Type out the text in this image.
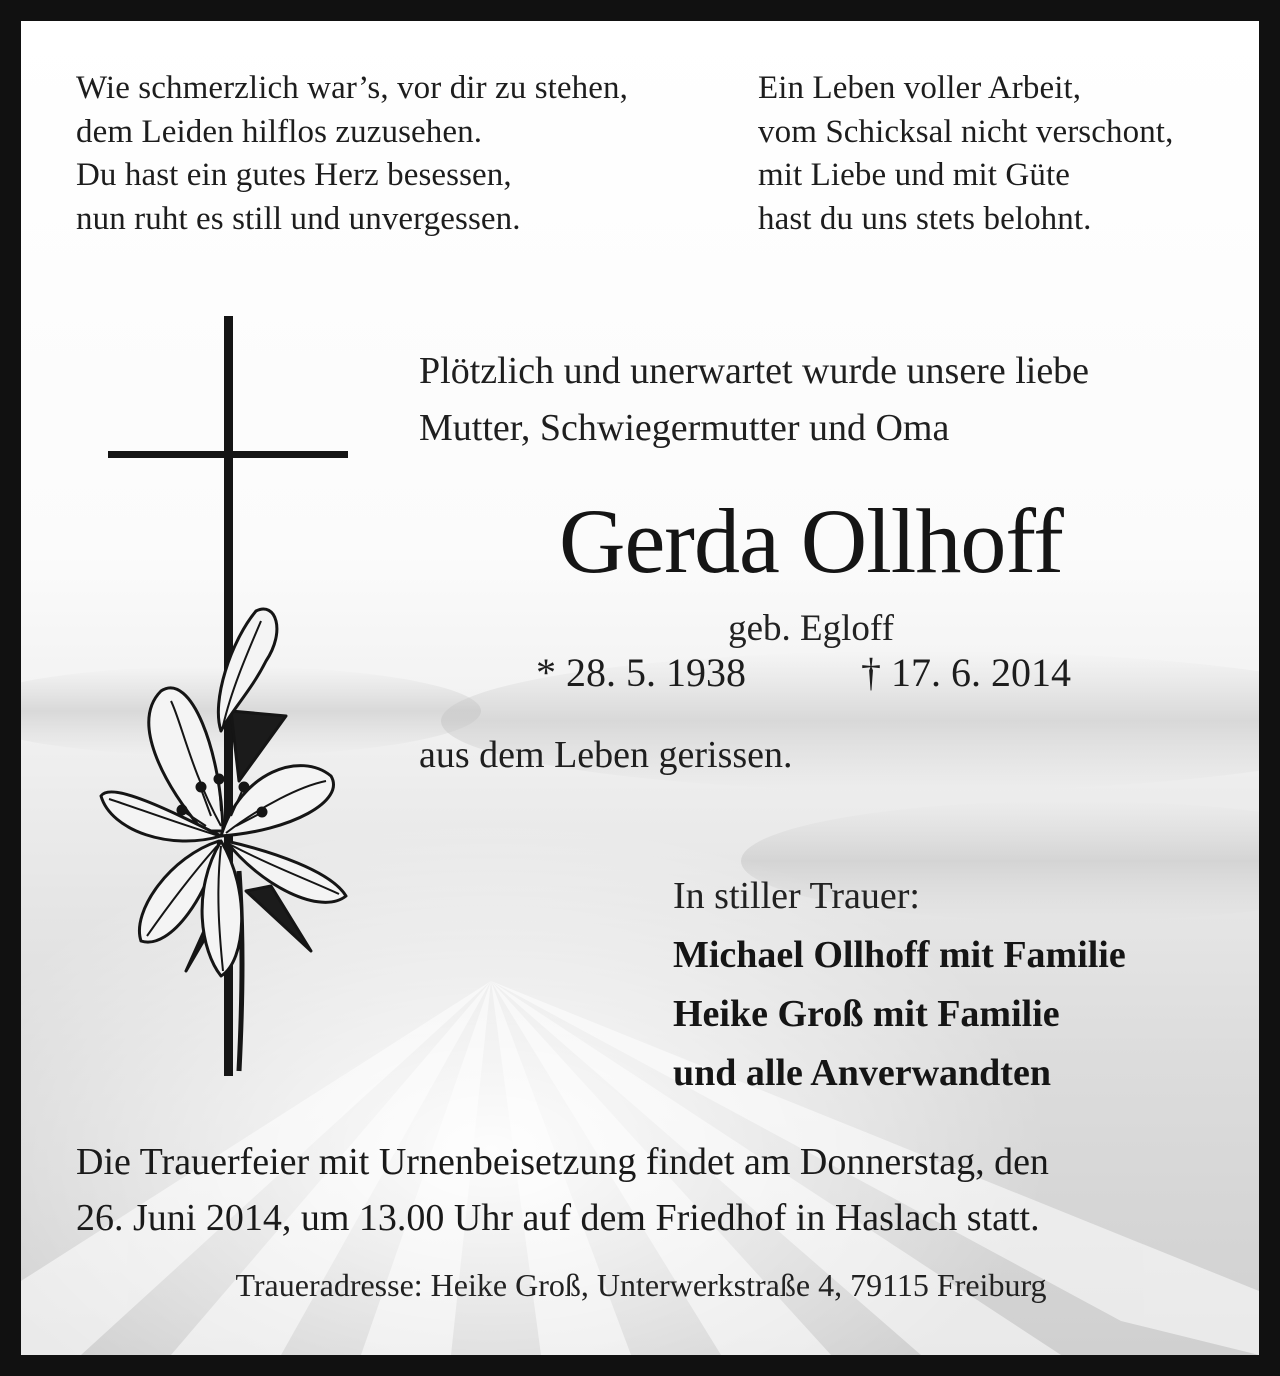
Wie schmerzlich war’s, vor dir zu stehen,
dem Leiden hilflos zuzusehen.
Du hast ein gutes Herz besessen,
nun ruht es still und unvergessen.
Ein Leben voller Arbeit,
vom Schicksal nicht verschont,
mit Liebe und mit Güte
hast du uns stets belohnt.
Plötzlich und unerwartet wurde unsere liebe
Mutter, Schwiegermutter und Oma
Gerda Ollhoff
geb. Egloff
* 28. 5. 1938	† 17. 6. 2014
aus dem Leben gerissen.
In stiller Trauer:
Michael Ollhoff mit Familie
Heike Groß mit Familie
und alle Anverwandten
Die Trauerfeier mit Urnenbeisetzung findet am Donnerstag, den
26. Juni 2014, um 13.00 Uhr auf dem Friedhof in Haslach statt.
Traueradresse: Heike Groß, Unterwerkstraße 4, 79115 Freiburg
